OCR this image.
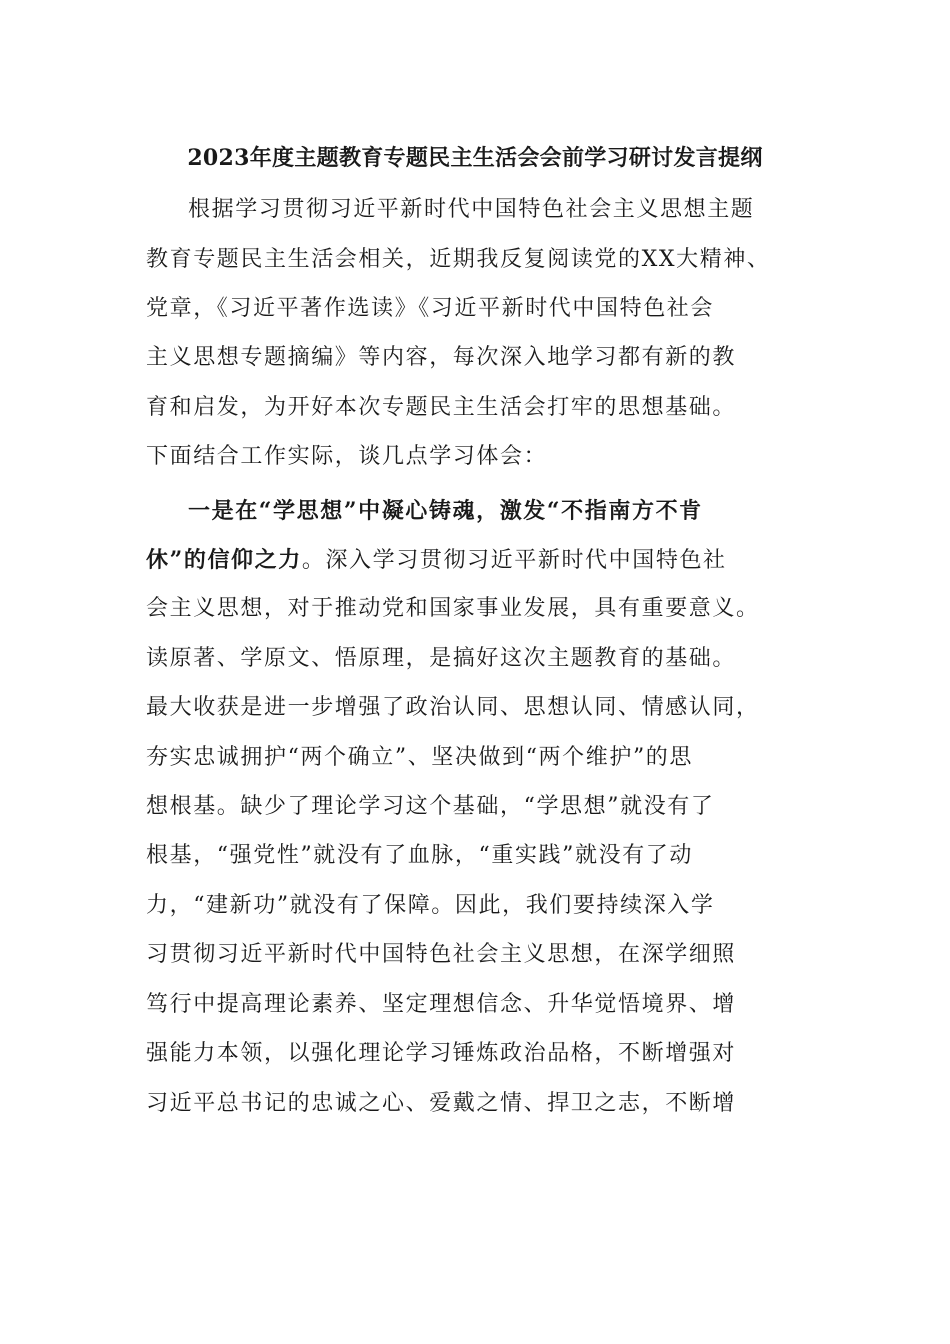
2023年度主题教育专题民主生活会会前学习研讨发言提纲
根据学习贯彻习近平新时代中国特色社会主义思想主题
教育专题民主生活会相关，近期我反复阅读党的XX大精神、
党章，《习近平著作选读》《习近平新时代中国特色社会
主义思想专题摘编》等内容，每次深入地学习都有新的教
育和启发，为开好本次专题民主生活会打牢的思想基础。
下面结合工作实际，谈几点学习体会：
一是在“学思想”中凝心铸魂，激发“不指南方不肯
休”的信仰之力。深入学习贯彻习近平新时代中国特色社
会主义思想，对于推动党和国家事业发展，具有重要意义。
读原著、学原文、悟原理，是搞好这次主题教育的基础。
最大收获是进一步增强了政治认同、思想认同、情感认同，
夯实忠诚拥护“两个确立”、坚决做到“两个维护”的思
想根基。缺少了理论学习这个基础，“学思想”就没有了
根基，“强党性”就没有了血脉，“重实践”就没有了动
力，“建新功”就没有了保障。因此，我们要持续深入学
习贯彻习近平新时代中国特色社会主义思想，在深学细照
笃行中提高理论素养、坚定理想信念、升华觉悟境界、增
强能力本领，以强化理论学习锤炼政治品格，不断增强对
习近平总书记的忠诚之心、爱戴之情、捍卫之志，不断增
